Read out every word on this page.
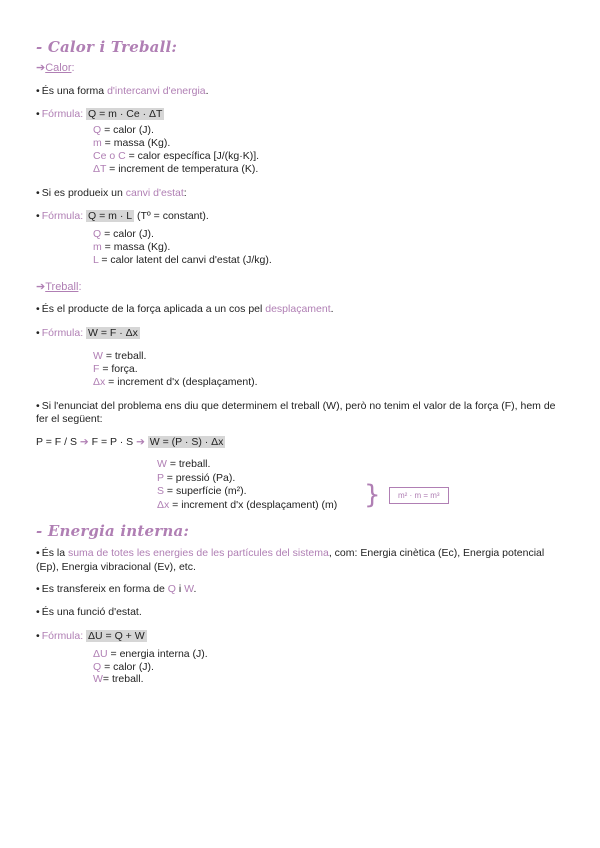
- Calor i Treball:
➔Calor:
• És una forma d'intercanvi d'energia.
• Fórmula: Q = m · Ce · ΔT
Q = calor (J).
m = massa (Kg).
Ce o C = calor específica [J/(kg·K)].
ΔT = increment de temperatura (K).
• Si es produeix un canvi d'estat:
• Fórmula: Q = m · L (Tº = constant).
Q = calor (J).
m = massa (Kg).
L = calor latent del canvi d'estat (J/kg).
➔Treball:
• És el producte de la força aplicada a un cos pel desplaçament.
• Fórmula: W = F · Δx
W = treball.
F = força.
Δx = increment d'x (desplaçament).
• Si l'enunciat del problema ens diu que determinem el treball (W), però no tenim el valor de la força (F), hem de fer el següent:
P = F / S ➔ F = P · S ➔ W = (P · S) · Δx
W = treball.
P = pressió (Pa).
S = superfície (m²).
Δx = increment d'x (desplaçament) (m) }	m² · m = m³
- Energia interna:
• És la suma de totes les energies de les partícules del sistema, com: Energia cinètica (Ec), Energia potencial (Ep), Energia vibracional (Ev), etc.
• Es transfereix en forma de Q i W.
• És una funció d'estat.
• Fórmula: ΔU = Q + W
ΔU = energia interna (J).
Q = calor (J).
W= treball.
